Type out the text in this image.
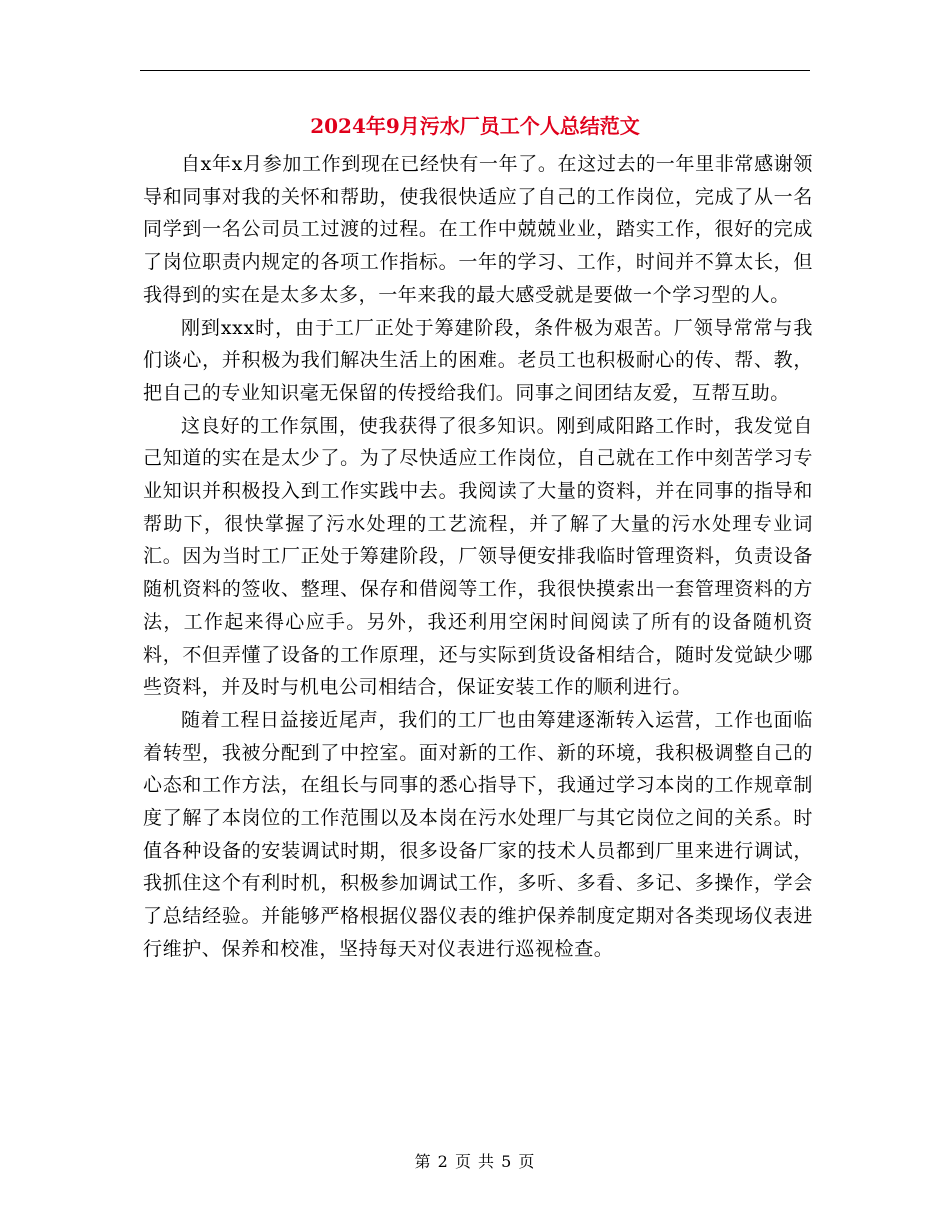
2024年9月污水厂员工个人总结范文

自x年x月参加工作到现在已经快有一年了。在这过去的一年里非常感谢领导和同事对我的关怀和帮助，使我很快适应了自己的工作岗位，完成了从一名同学到一名公司员工过渡的过程。在工作中兢兢业业，踏实工作，很好的完成了岗位职责内规定的各项工作指标。一年的学习、工作，时间并不算太长，但我得到的实在是太多太多，一年来我的最大感受就是要做一个学习型的人。

刚到xxx时，由于工厂正处于筹建阶段，条件极为艰苦。厂领导常常与我们谈心，并积极为我们解决生活上的困难。老员工也积极耐心的传、帮、教，把自己的专业知识毫无保留的传授给我们。同事之间团结友爱，互帮互助。

这良好的工作氛围，使我获得了很多知识。刚到咸阳路工作时，我发觉自己知道的实在是太少了。为了尽快适应工作岗位，自己就在工作中刻苦学习专业知识并积极投入到工作实践中去。我阅读了大量的资料，并在同事的指导和帮助下，很快掌握了污水处理的工艺流程，并了解了大量的污水处理专业词汇。因为当时工厂正处于筹建阶段，厂领导便安排我临时管理资料，负责设备随机资料的签收、整理、保存和借阅等工作，我很快摸索出一套管理资料的方法，工作起来得心应手。另外，我还利用空闲时间阅读了所有的设备随机资料，不但弄懂了设备的工作原理，还与实际到货设备相结合，随时发觉缺少哪些资料，并及时与机电公司相结合，保证安装工作的顺利进行。

随着工程日益接近尾声，我们的工厂也由筹建逐渐转入运营，工作也面临着转型，我被分配到了中控室。面对新的工作、新的环境，我积极调整自己的心态和工作方法，在组长与同事的悉心指导下，我通过学习本岗的工作规章制度了解了本岗位的工作范围以及本岗在污水处理厂与其它岗位之间的关系。时值各种设备的安装调试时期，很多设备厂家的技术人员都到厂里来进行调试，我抓住这个有利时机，积极参加调试工作，多听、多看、多记、多操作，学会了总结经验。并能够严格根据仪器仪表的维护保养制度定期对各类现场仪表进行维护、保养和校准，坚持每天对仪表进行巡视检查。

第 2 页 共 5 页
